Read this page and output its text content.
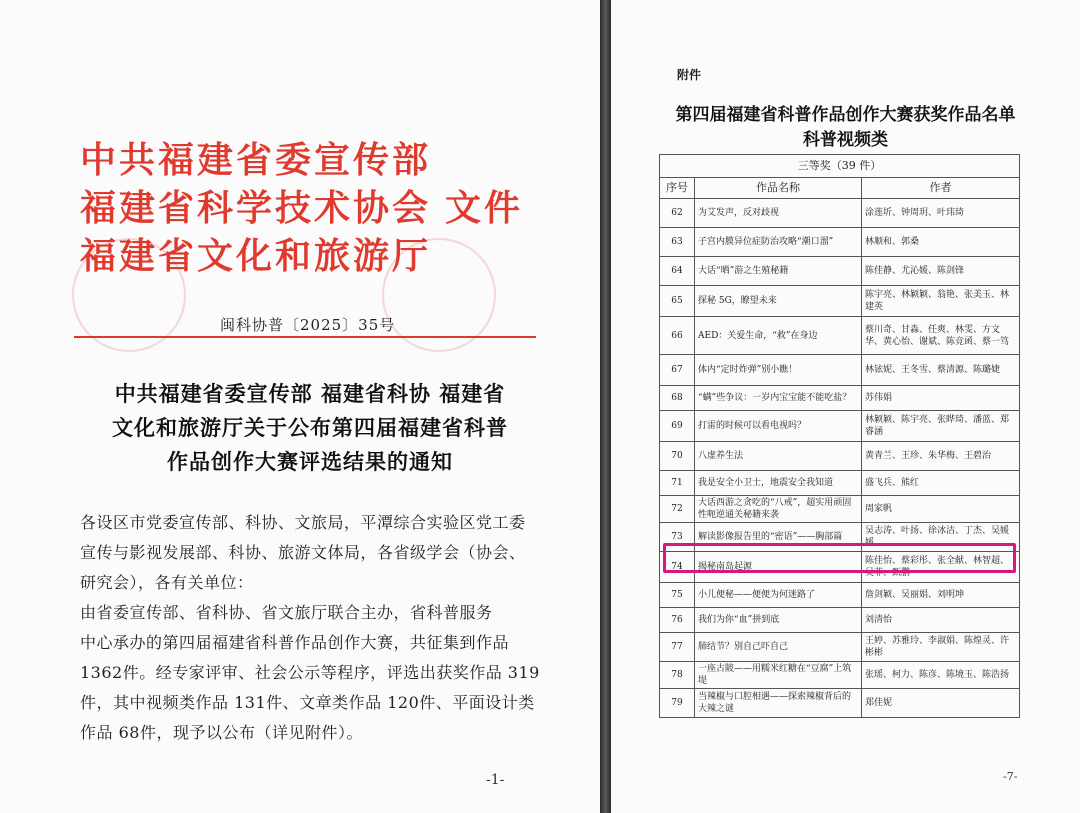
中共福建省委宣传部
福建省科学技术协会 文件
福建省文化和旅游厅
闽科协普〔2025〕35号
中共福建省委宣传部 福建省科协 福建省
文化和旅游厅关于公布第四届福建省科普
作品创作大赛评选结果的通知
各设区市党委宣传部、科协、文旅局，平潭综合实验区党工委
宣传与影视发展部、科协、旅游文体局，各省级学会（协会、
研究会），各有关单位：
由省委宣传部、省科协、省文旅厅联合主办，省科普服务
中心承办的第四届福建省科普作品创作大赛，共征集到作品
1362件。经专家评审、社会公示等程序，评选出获奖作品 319
件，其中视频类作品 131件、文章类作品 120件、平面设计类
作品 68件，现予以公布（详见附件）。
-1-
附件
第四届福建省科普作品创作大赛获奖作品名单
科普视频类
三等奖（39 件）		
序号	作品名称	作者
62	为艾发声，反对歧视	涂莲圻、钟周玥、叶玮琦
63	子宫内膜异位症防治攻略“潮口溜”	林顺和、郭桑
64	大话“晒”游之生殖秘籍	陈佳静、尤沁媛、陈剑锋
65	探秘 5G，瞭望未来	陈宇亮、林颖颖、翁艳、张美玉、林建英
66	AED：关爱生命，“救”在身边	蔡川奇、甘淼、任爽、林雯、方文华、黄心怡、谢斌、陈竞函、蔡一笃
67	体内“定时炸弹”别小瞧！	林铉妮、王冬雪、蔡清源、陈璐婕
68	“螨”些争议：一岁内宝宝能不能吃盐？	苏伟娟
69	打雷的时候可以看电视吗？	林颖颖、陈宇亮、张晔琦、潘蓝、郑睿涵
70	八虚养生法	黄青兰、王珍、朱华梅、王碧治
71	我是安全小卫士，地震安全我知道	盛飞兵、熊红
72	大话西游之贪吃的“八戒”，超实用顽固性呃逆通关秘籍来袭	周家帆
73	解读影像报告里的“密语”——胸部篇	吴志涛、叶扬、徐冰洁、丁杰、吴媛媛
74	揭秘南岛起源	陈佳怡、蔡彩彤、张全献、林智超、吴菲、甄鹏
75	小儿便秘——便便为何迷路了	詹剑颖、吴丽娟、刘明坤
76	我们为你“血”拼到底	刘清怡
77	肺结节？别自己吓自己	王婷、苏雅玲、李淑娟、陈煌灵、许彬彬
78	一座古陂——用糯米红糖在“豆腐”上筑堤	张瑶、柯力、陈彦、陈境玉、陈浩扬
79	当辣椒与口腔相遇——探索辣椒背后的大辣之谜	郑佳妮
-7-
